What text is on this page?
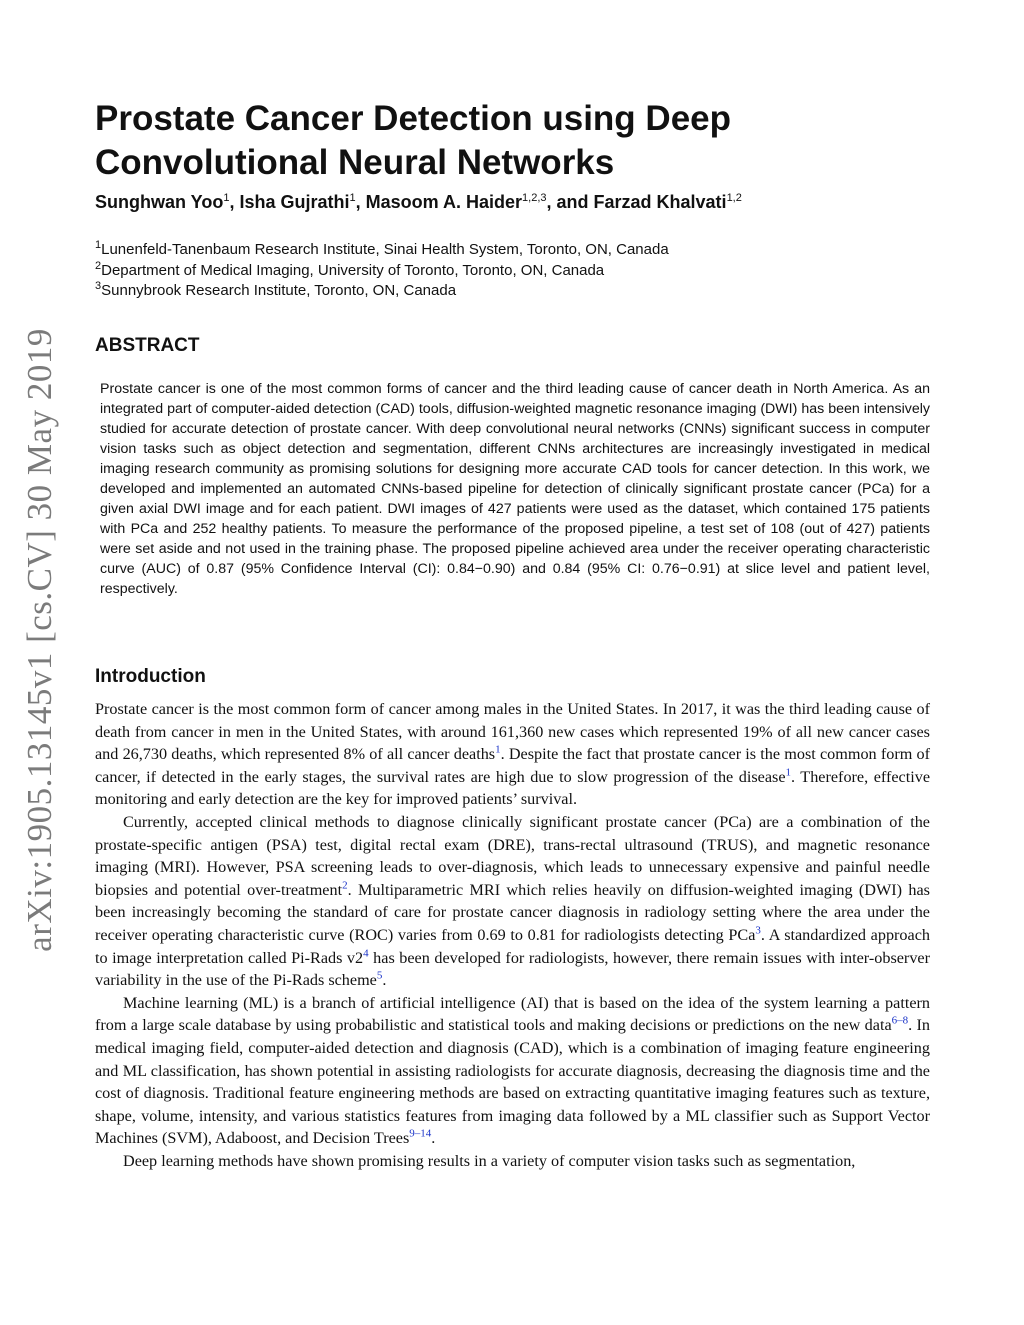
arXiv:1905.13145v1 [cs.CV] 30 May 2019
Prostate Cancer Detection using Deep Convolutional Neural Networks
Sunghwan Yoo$^1$, Isha Gujrathi$^1$, Masoom A. Haider$^{1,2,3}$, and Farzad Khalvati$^{1,2}$
$^1$Lunenfeld-Tanenbaum Research Institute, Sinai Health System, Toronto, ON, Canada
$^2$Department of Medical Imaging, University of Toronto, Toronto, ON, Canada
$^3$Sunnybrook Research Institute, Toronto, ON, Canada
ABSTRACT

Prostate cancer is one of the most common forms of cancer and the third leading cause of cancer death in North America. As an integrated part of computer-aided detection (CAD) tools, diffusion-weighted magnetic resonance imaging (DWI) has been intensively studied for accurate detection of prostate cancer. With deep convolutional neural networks (CNNs) significant success in computer vision tasks such as object detection and segmentation, different CNNs architectures are increasingly investigated in medical imaging research community as promising solutions for designing more accurate CAD tools for cancer detection. In this work, we developed and implemented an automated CNNs-based pipeline for detection of clinically significant prostate cancer (PCa) for a given axial DWI image and for each patient. DWI images of 427 patients were used as the dataset, which contained 175 patients with PCa and 252 healthy patients. To measure the performance of the proposed pipeline, a test set of 108 (out of 427) patients were set aside and not used in the training phase. The proposed pipeline achieved area under the receiver operating characteristic curve (AUC) of 0.87 (95% Confidence Interval (CI): 0.84−0.90) and 0.84 (95% CI: 0.76−0.91) at slice level and patient level, respectively.

Introduction

Prostate cancer is the most common form of cancer among males in the United States. In 2017, it was the third leading cause of death from cancer in men in the United States, with around 161,360 new cases which represented 19% of all new cancer cases and 26,730 deaths, which represented 8% of all cancer deaths$^1$. Despite the fact that prostate cancer is the most common form of cancer, if detected in the early stages, the survival rates are high due to slow progression of the disease$^1$. Therefore, effective monitoring and early detection are the key for improved patients’ survival.

Currently, accepted clinical methods to diagnose clinically significant prostate cancer (PCa) are a combination of the prostate-specific antigen (PSA) test, digital rectal exam (DRE), trans-rectal ultrasound (TRUS), and magnetic resonance imaging (MRI). However, PSA screening leads to over-diagnosis, which leads to unnecessary expensive and painful needle biopsies and potential over-treatment$^2$. Multiparametric MRI which relies heavily on diffusion-weighted imaging (DWI) has been increasingly becoming the standard of care for prostate cancer diagnosis in radiology setting where the area under the receiver operating characteristic curve (ROC) varies from 0.69 to 0.81 for radiologists detecting PCa$^3$. A standardized approach to image interpretation called Pi-Rads v2$^4$ has been developed for radiologists, however, there remain issues with inter-observer variability in the use of the Pi-Rads scheme$^5$.

Machine learning (ML) is a branch of artificial intelligence (AI) that is based on the idea of the system learning a pattern from a large scale database by using probabilistic and statistical tools and making decisions or predictions on the new data$^{6-8}$. In medical imaging field, computer-aided detection and diagnosis (CAD), which is a combination of imaging feature engineering and ML classification, has shown potential in assisting radiologists for accurate diagnosis, decreasing the diagnosis time and the cost of diagnosis. Traditional feature engineering methods are based on extracting quantitative imaging features such as texture, shape, volume, intensity, and various statistics features from imaging data followed by a ML classifier such as Support Vector Machines (SVM), Adaboost, and Decision Trees$^{9-14}$.

Deep learning methods have shown promising results in a variety of computer vision tasks such as segmentation,
